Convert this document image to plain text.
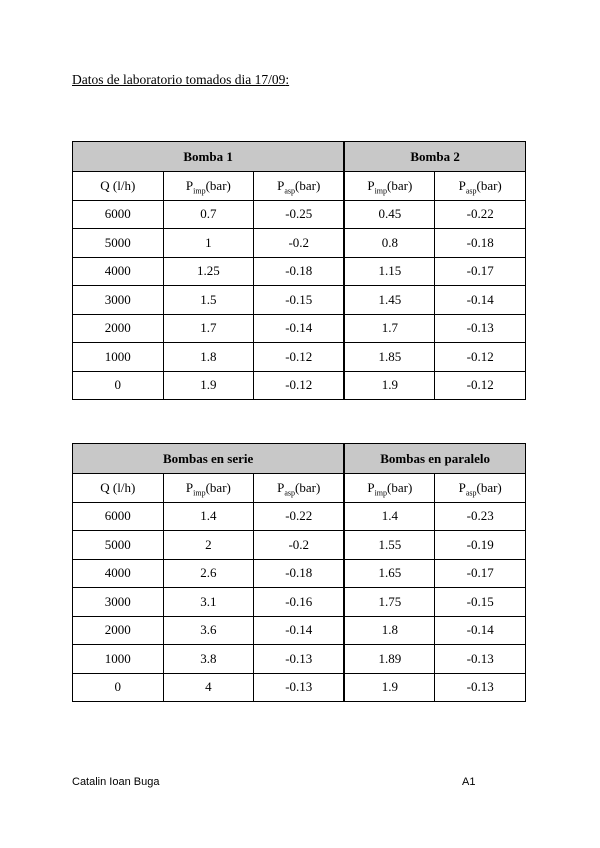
Datos de laboratorio tomados dia 17/09:
Bomba 1			Bomba 2	
Q (l/h)	$P_{imp}(bar)$	$P_{asp}(bar)$	$P_{imp}(bar)$	$P_{asp}(bar)$
6000	0.7	-0.25	0.45	-0.22
5000	1	-0.2	0.8	-0.18
4000	1.25	-0.18	1.15	-0.17
3000	1.5	-0.15	1.45	-0.14
2000	1.7	-0.14	1.7	-0.13
1000	1.8	-0.12	1.85	-0.12
0	1.9	-0.12	1.9	-0.12
Bombas en serie			Bombas en paralelo	
Q (l/h)	$P_{imp}(bar)$	$P_{asp}(bar)$	$P_{imp}(bar)$	$P_{asp}(bar)$
6000	1.4	-0.22	1.4	-0.23
5000	2	-0.2	1.55	-0.19
4000	2.6	-0.18	1.65	-0.17
3000	3.1	-0.16	1.75	-0.15
2000	3.6	-0.14	1.8	-0.14
1000	3.8	-0.13	1.89	-0.13
0	4	-0.13	1.9	-0.13
Catalin Ioan Buga	A1
